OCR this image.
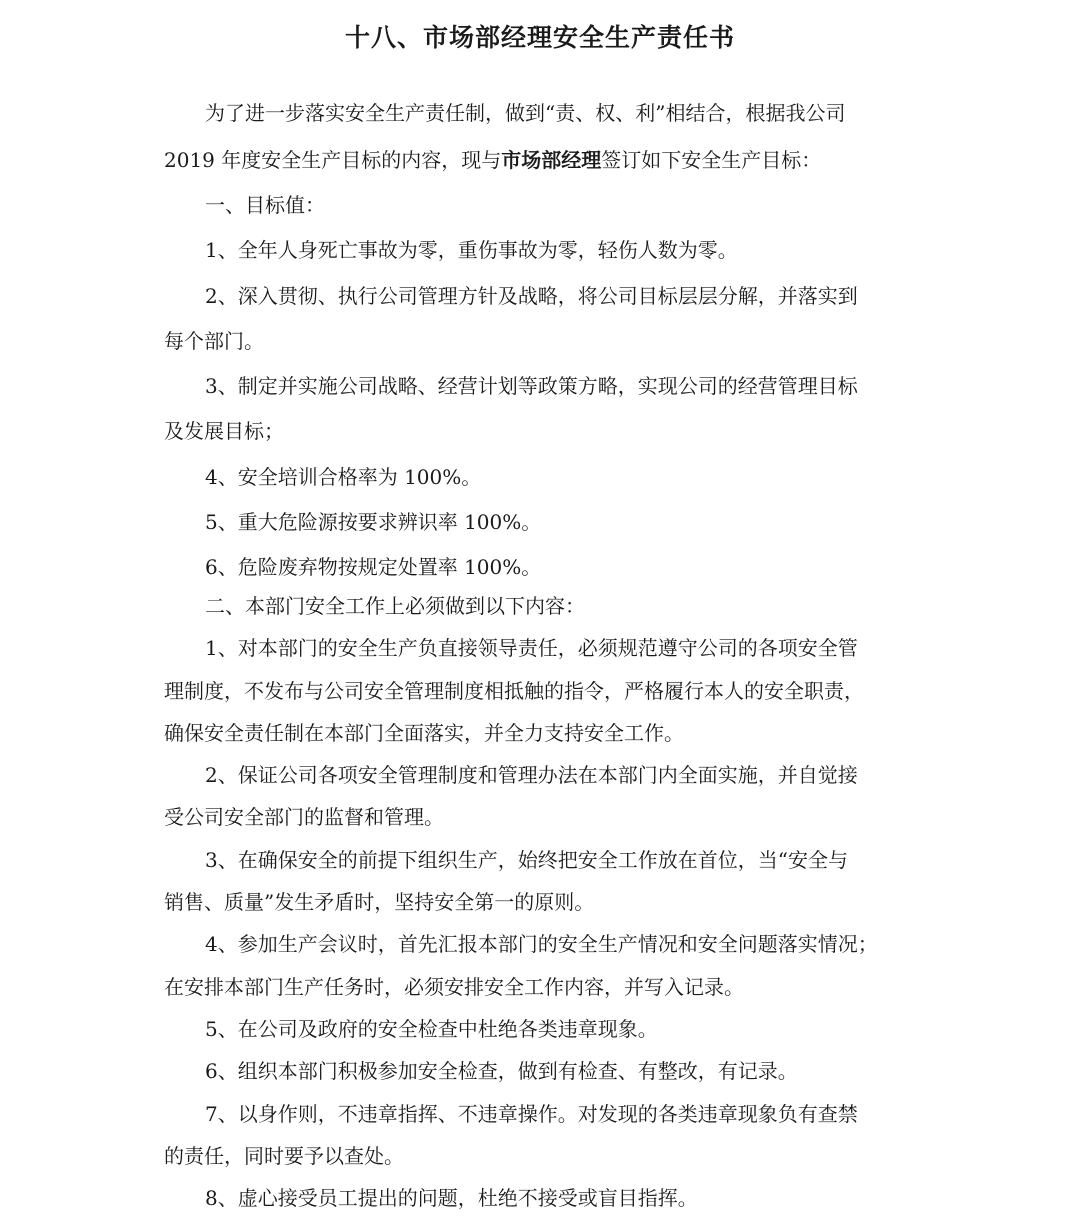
十八、市场部经理安全生产责任书
为了进一步落实安全生产责任制，做到“责、权、利”相结合，根据我公司
2019 年度安全生产目标的内容，现与市场部经理签订如下安全生产目标：
一、目标值：
1、全年人身死亡事故为零，重伤事故为零，轻伤人数为零。
2、深入贯彻、执行公司管理方针及战略，将公司目标层层分解，并落实到
每个部门。
3、制定并实施公司战略、经营计划等政策方略，实现公司的经营管理目标
及发展目标；
4、安全培训合格率为 100%。
5、重大危险源按要求辨识率 100%。
6、危险废弃物按规定处置率 100%。
二、本部门安全工作上必须做到以下内容：
1、对本部门的安全生产负直接领导责任，必须规范遵守公司的各项安全管
理制度，不发布与公司安全管理制度相抵触的指令，严格履行本人的安全职责，
确保安全责任制在本部门全面落实，并全力支持安全工作。
2、保证公司各项安全管理制度和管理办法在本部门内全面实施，并自觉接
受公司安全部门的监督和管理。
3、在确保安全的前提下组织生产，始终把安全工作放在首位，当“安全与
销售、质量”发生矛盾时，坚持安全第一的原则。
4、参加生产会议时，首先汇报本部门的安全生产情况和安全问题落实情况；
在安排本部门生产任务时，必须安排安全工作内容，并写入记录。
5、在公司及政府的安全检查中杜绝各类违章现象。
6、组织本部门积极参加安全检查，做到有检查、有整改，有记录。
7、以身作则，不违章指挥、不违章操作。对发现的各类违章现象负有查禁
的责任，同时要予以查处。
8、虚心接受员工提出的问题，杜绝不接受或盲目指挥。
